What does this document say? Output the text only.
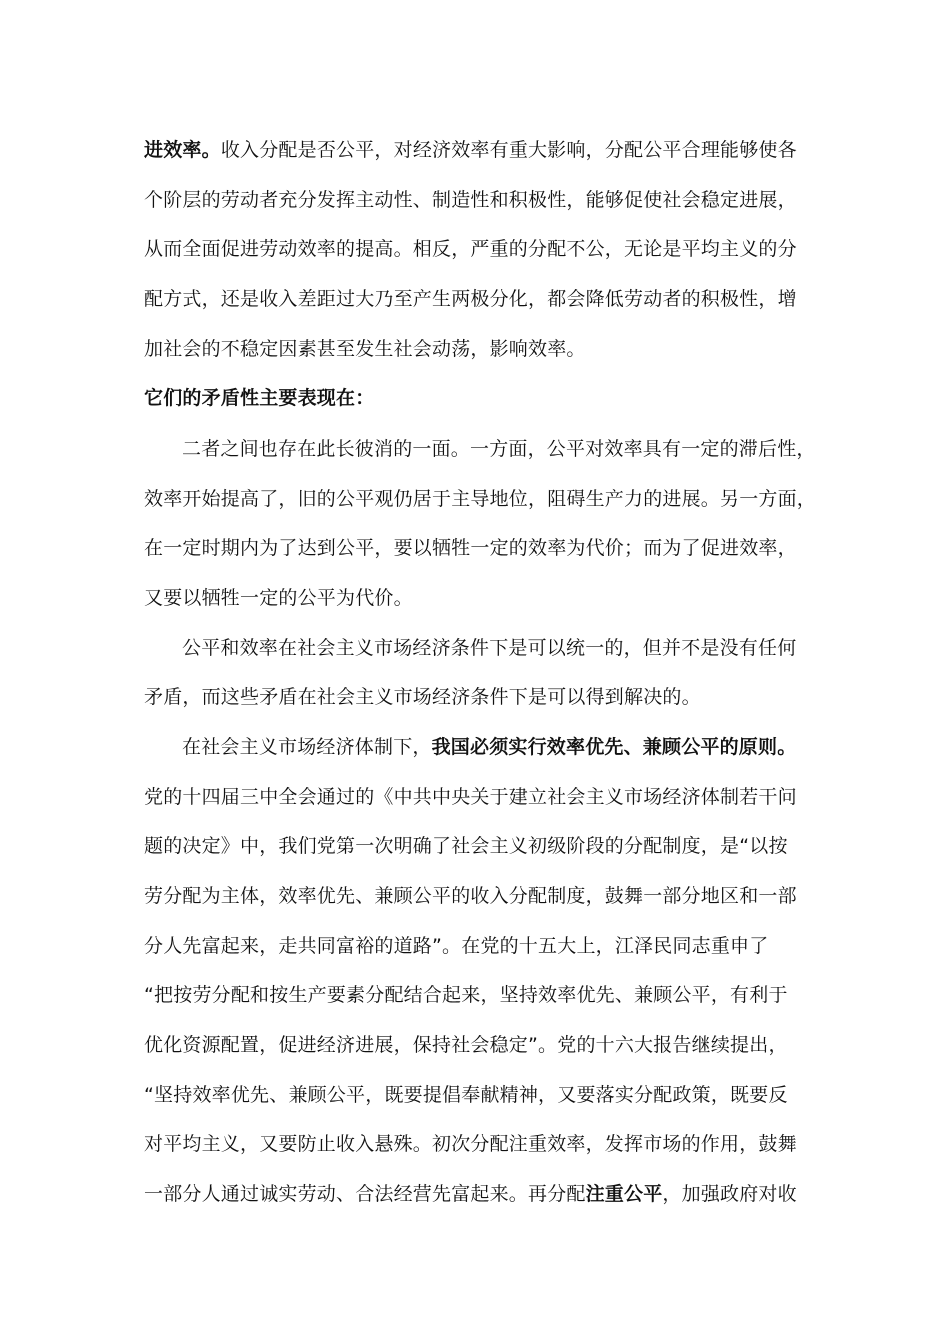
进效率。收入分配是否公平，对经济效率有重大影响，分配公平合理能够使各
个阶层的劳动者充分发挥主动性、制造性和积极性，能够促使社会稳定进展，
从而全面促进劳动效率的提高。相反，严重的分配不公，无论是平均主义的分
配方式，还是收入差距过大乃至产生两极分化，都会降低劳动者的积极性，增
加社会的不稳定因素甚至发生社会动荡，影响效率。
它们的矛盾性主要表现在：
二者之间也存在此长彼消的一面。一方面，公平对效率具有一定的滞后性，
效率开始提高了，旧的公平观仍居于主导地位，阻碍生产力的进展。另一方面，
在一定时期内为了达到公平，要以牺牲一定的效率为代价；而为了促进效率，
又要以牺牲一定的公平为代价。
公平和效率在社会主义市场经济条件下是可以统一的，但并不是没有任何
矛盾，而这些矛盾在社会主义市场经济条件下是可以得到解决的。
在社会主义市场经济体制下，我国必须实行效率优先、兼顾公平的原则。
党的十四届三中全会通过的《中共中央关于建立社会主义市场经济体制若干问
题的决定》中，我们党第一次明确了社会主义初级阶段的分配制度，是“以按
劳分配为主体，效率优先、兼顾公平的收入分配制度，鼓舞一部分地区和一部
分人先富起来，走共同富裕的道路”。在党的十五大上，江泽民同志重申了
“把按劳分配和按生产要素分配结合起来，坚持效率优先、兼顾公平，有利于
优化资源配置，促进经济进展，保持社会稳定”。党的十六大报告继续提出，
“坚持效率优先、兼顾公平，既要提倡奉献精神，又要落实分配政策，既要反
对平均主义，又要防止收入悬殊。初次分配注重效率，发挥市场的作用，鼓舞
一部分人通过诚实劳动、合法经营先富起来。再分配注重公平，加强政府对收
